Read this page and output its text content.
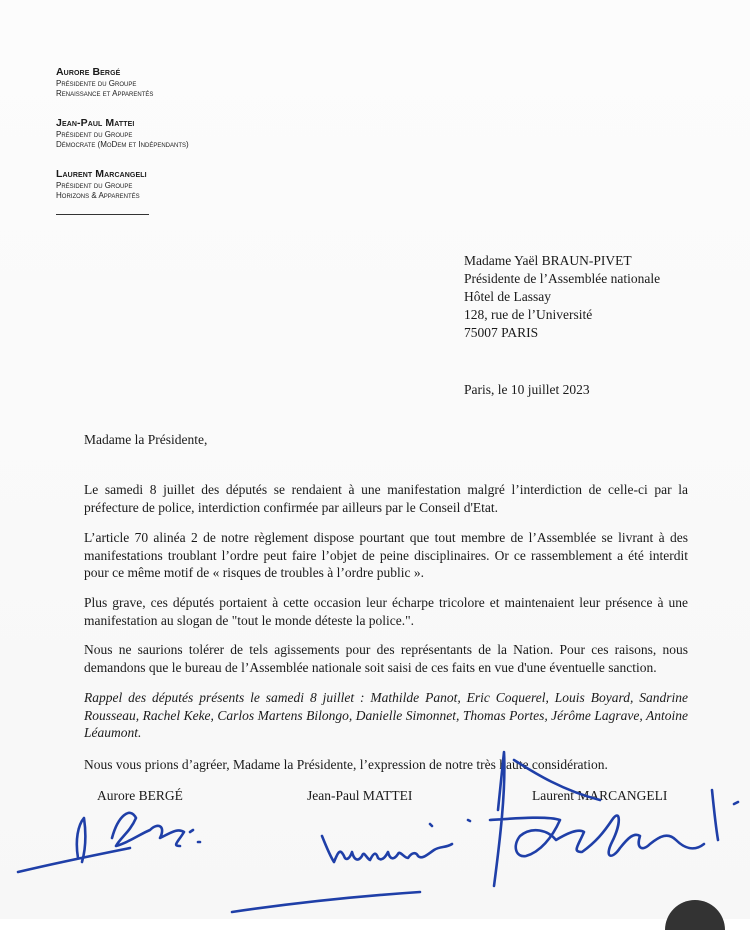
Aurore Bergé
Présidente du Groupe
Renaissance et Apparentés
Jean-Paul Mattei
Président du Groupe
Démocrate (MoDem et Indépendants)
Laurent Marcangeli
Président du Groupe
Horizons & Apparentés
Madame Yaël BRAUN-PIVET
Présidente de l’Assemblée nationale
Hôtel de Lassay
128, rue de l’Université
75007 PARIS
Paris, le 10 juillet 2023
Madame la Présidente,
Le samedi 8 juillet des députés se rendaient à une manifestation malgré l’interdiction de celle-ci par la préfecture de police, interdiction confirmée par ailleurs par le Conseil d'Etat.
L’article 70 alinéa 2 de notre règlement dispose pourtant que tout membre de l’Assemblée se livrant à des manifestations troublant l’ordre peut faire l’objet de peine disciplinaires. Or ce rassemblement a été interdit pour ce même motif de « risques de troubles à l’ordre public ».
Plus grave, ces députés portaient à cette occasion leur écharpe tricolore et maintenaient leur présence à une manifestation au slogan de "tout le monde déteste la police.".
Nous ne saurions tolérer de tels agissements pour des représentants de la Nation. Pour ces raisons, nous demandons que le bureau de l’Assemblée nationale soit saisi de ces faits en vue d'une éventuelle sanction.
Rappel des députés présents le samedi 8 juillet : Mathilde Panot, Eric Coquerel, Louis Boyard, Sandrine Rousseau, Rachel Keke, Carlos Martens Bilongo, Danielle Simonnet, Thomas Portes, Jérôme Lagrave, Antoine Léaumont.
Nous vous prions d’agréer, Madame la Présidente, l’expression de notre très haute considération.
Aurore BERGÉ	Jean-Paul MATTEI	Laurent MARCANGELI
